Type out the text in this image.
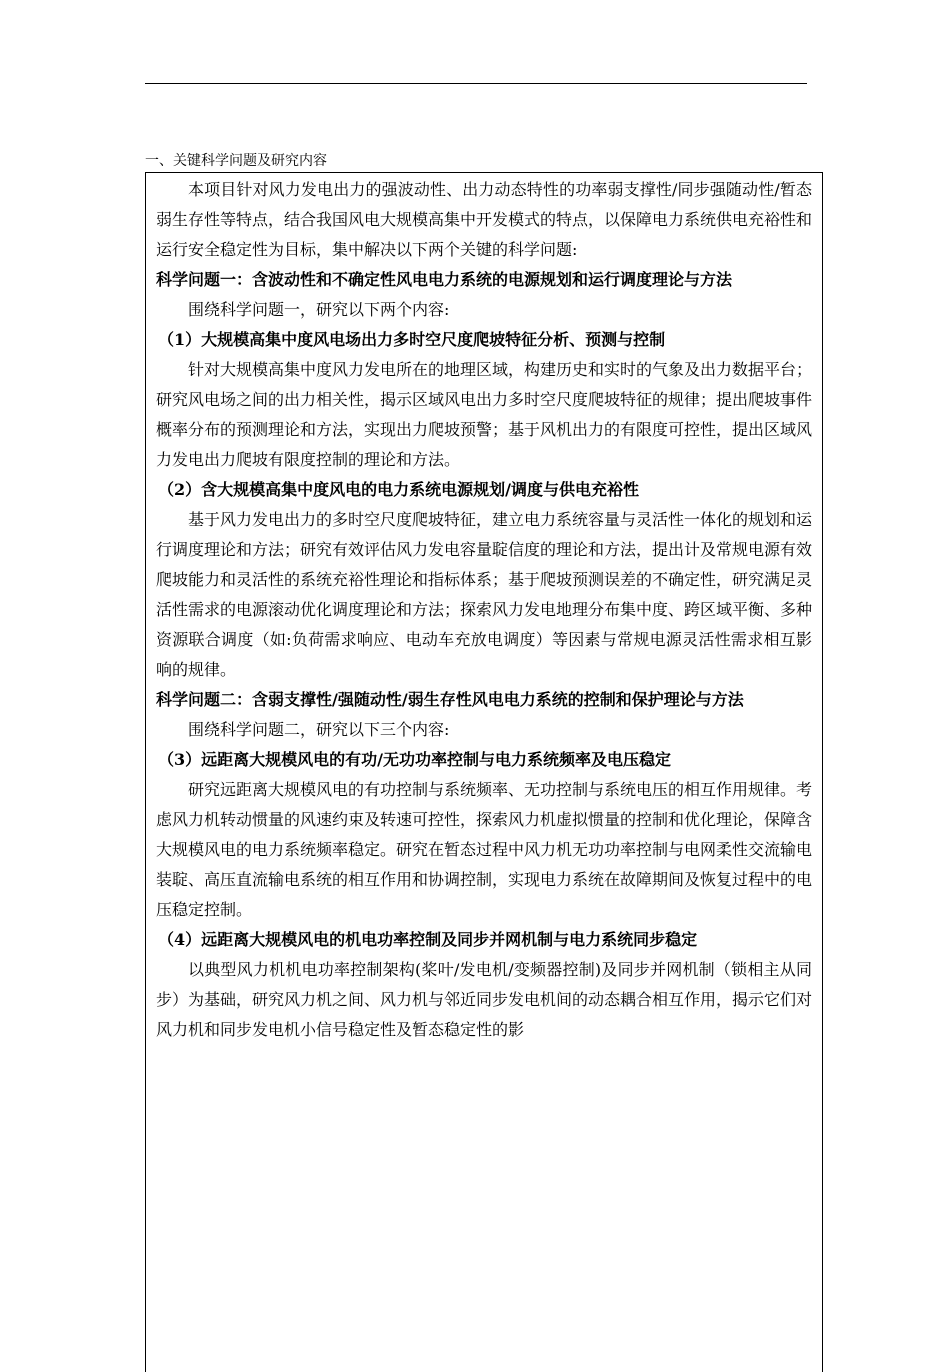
一、关键科学问题及研究内容

本项目针对风力发电出力的强波动性、出力动态特性的功率弱支撑性/同步强随动性/暂态弱生存性等特点，结合我国风电大规模高集中开发模式的特点，以保障电力系统供电充裕性和运行安全稳定性为目标，集中解决以下两个关键的科学问题:

科学问题一：含波动性和不确定性风电电力系统的电源规划和运行调度理论与方法

围绕科学问题一，研究以下两个内容:

（1）大规模高集中度风电场出力多时空尺度爬坡特征分析、预测与控制

针对大规模高集中度风力发电所在的地理区域，构建历史和实时的气象及出力数据平台；研究风电场之间的出力相关性，揭示区域风电出力多时空尺度爬坡特征的规律；提出爬坡事件概率分布的预测理论和方法，实现出力爬坡预警；基于风机出力的有限度可控性，提出区域风力发电出力爬坡有限度控制的理论和方法。

（2）含大规模高集中度风电的电力系统电源规划/调度与供电充裕性

基于风力发电出力的多时空尺度爬坡特征，建立电力系统容量与灵活性一体化的规划和运行调度理论和方法；研究有效评估风力发电容量聢信度的理论和方法，提出计及常规电源有效爬坡能力和灵活性的系统充裕性理论和指标体系；基于爬坡预测误差的不确定性，研究满足灵活性需求的电源滚动优化调度理论和方法；探索风力发电地理分布集中度、跨区域平衡、多种资源联合调度（如:负荷需求响应、电动车充放电调度）等因素与常规电源灵活性需求相互影响的规律。

科学问题二：含弱支撑性/强随动性/弱生存性风电电力系统的控制和保护理论与方法

围绕科学问题二，研究以下三个内容:

（3）远距离大规模风电的有功/无功功率控制与电力系统频率及电压稳定

研究远距离大规模风电的有功控制与系统频率、无功控制与系统电压的相互作用规律。考虑风力机转动惯量的风速约束及转速可控性，探索风力机虚拟惯量的控制和优化理论，保障含大规模风电的电力系统频率稳定。研究在暂态过程中风力机无功功率控制与电网柔性交流输电装聢、高压直流输电系统的相互作用和协调控制，实现电力系统在故障期间及恢复过程中的电压稳定控制。

（4）远距离大规模风电的机电功率控制及同步并网机制与电力系统同步稳定

以典型风力机机电功率控制架构(桨叶/发电机/变频器控制)及同步并网机制（锁相主从同步）为基础，研究风力机之间、风力机与邻近同步发电机间的动态耦合相互作用，揭示它们对风力机和同步发电机小信号稳定性及暂态稳定性的影
